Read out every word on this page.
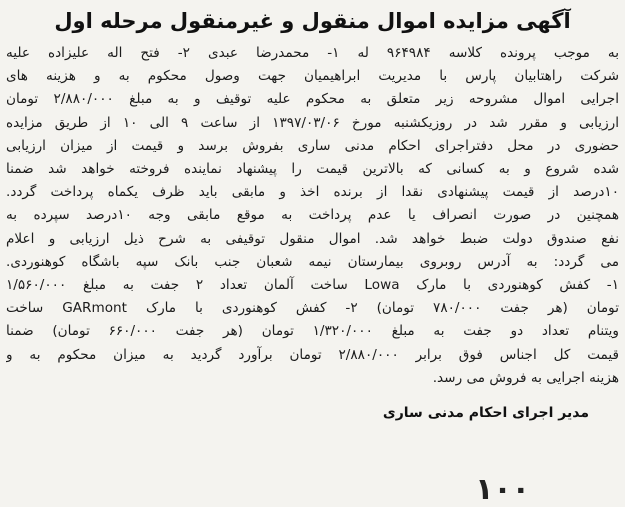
آگهی مزایده اموال منقول و غیرمنقول مرحله اول
به موجب پرونده کلاسه ۹۶۴۹۸۴ له ۱- محمدرضا عبدی ۲- فتح اله علیزاده علیه
شرکت راهتابیان پارس با مدیریت ابراهیمیان جهت وصول محکوم به و هزینه های
اجرایی اموال مشروحه زیر متعلق به محکوم علیه توقیف و به مبلغ ۲/۸۸۰/۰۰۰ تومان
ارزیابی و مقرر شد در روزیکشنبه مورخ ۱۳۹۷/۰۳/۰۶ از ساعت ۹ الی ۱۰ از طریق مزایده
حضوری در محل دفتراجرای احکام مدنی ساری بفروش برسد و قیمت از میزان ارزیابی
شده شروع و به کسانی که بالاترین قیمت را پیشنهاد نماینده فروخته خواهد شد ضمنا
۱۰درصد از قیمت پیشنهادی نقدا از برنده اخذ و مابقی باید ظرف یکماه پرداخت گردد.
همچنین در صورت انصراف یا عدم پرداخت به موقع مابقی وجه ۱۰درصد سپرده به
نفع صندوق دولت ضبط خواهد شد. اموال منقول توقیفی به شرح ذیل ارزیابی و اعلام
می گردد: به آدرس روبروی بیمارستان نیمه شعبان جنب بانک سپه باشگاه کوهنوردی.
۱- کفش کوهنوردی با مارک Lowa ساخت آلمان تعداد ۲ جفت به مبلغ ۱/۵۶۰/۰۰۰
تومان (هر جفت ۷۸۰/۰۰۰ تومان) ۲- کفش کوهنوردی با مارک GARmont ساخت
ویتنام تعداد دو جفت به مبلغ ۱/۳۲۰/۰۰۰ تومان (هر جفت ۶۶۰/۰۰۰ تومان) ضمنا
قیمت کل اجناس فوق برابر ۲/۸۸۰/۰۰۰ تومان برآورد گردید به میزان محکوم به و
هزینه اجرایی به فروش می رسد.
مدیر اجرای احکام مدنی ساری
۱۰۰
